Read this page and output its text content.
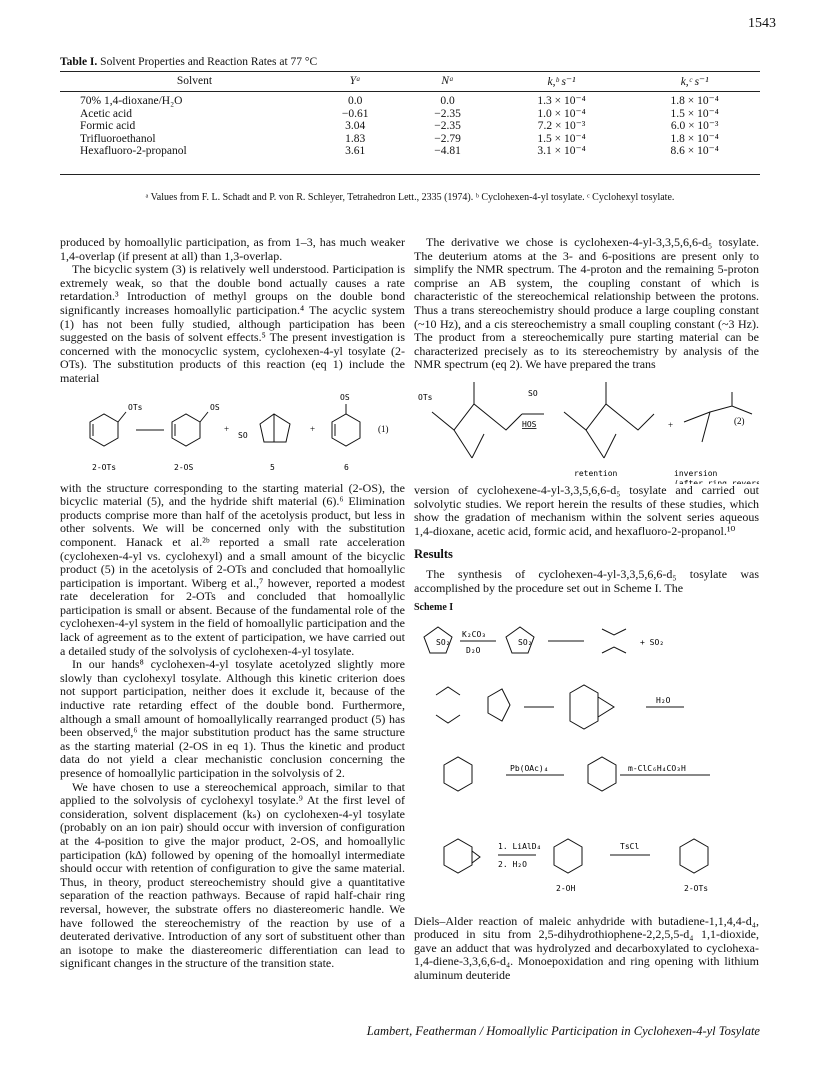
1543
Table I. Solvent Properties and Reaction Rates at 77 °C
Solvent	Yᵃ	Nᵃ	k,ᵇ s⁻¹	k,ᶜ s⁻¹
70% 1,4-dioxane/H₂O	0.0	0.0	1.3 × 10⁻⁴	1.8 × 10⁻⁴
Acetic acid	−0.61	−2.35	1.0 × 10⁻⁴	1.5 × 10⁻⁴
Formic acid	3.04	−2.35	7.2 × 10⁻³	6.0 × 10⁻³
Trifluoroethanol	1.83	−2.79	1.5 × 10⁻⁴	1.8 × 10⁻⁴
Hexafluoro-2-propanol	3.61	−4.81	3.1 × 10⁻⁴	8.6 × 10⁻⁴
ᵃ Values from F. L. Schadt and P. von R. Schleyer, Tetrahedron Lett., 2335 (1974). ᵇ Cyclohexen-4-yl tosylate. ᶜ Cyclohexyl tosylate.

produced by homoallylic participation, as from 1–3, has much weaker 1,4-overlap (if present at all) than 1,3-overlap.

The bicyclic system (3) is relatively well understood. Participation is extremely weak, so that the double bond actually causes a rate retardation.³ Introduction of methyl groups on the double bond significantly increases homoallylic participation.⁴ The acyclic system (1) has not been fully studied, although participation has been suggested on the basis of solvent effects.⁵ The present investigation is concerned with the monocyclic system, cyclohexen-4-yl tosylate (2-OTs). The substitution products of this reaction (eq 1) include the material

OTs	OS
SO
OS
+	+	(1)
2-OTs	2-OS	5	6

with the structure corresponding to the starting material (2-OS), the bicyclic material (5), and the hydride shift material (6).⁶ Elimination products comprise more than half of the acetolysis product, but less in other solvents. We will be concerned only with the substitution component. Hanack et al.²ᵇ reported a small rate acceleration (cyclohexen-4-yl vs. cyclohexyl) and a small amount of the bicyclic product (5) in the acetolysis of 2-OTs and concluded that homoallylic participation is important. Wiberg et al.,⁷ however, reported a modest rate deceleration for 2-OTs and concluded that homoallylic participation is small or absent. Because of the fundamental role of the cyclohexen-4-yl system in the field of homoallylic participation and the lack of agreement as to the extent of participation, we have carried out a detailed study of the solvolysis of cyclohexen-4-yl tosylate.

In our hands⁸ cyclohexen-4-yl tosylate acetolyzed slightly more slowly than cyclohexyl tosylate. Although this kinetic criterion does not support participation, neither does it exclude it, because of the inductive rate retarding effect of the double bond. Furthermore, although a small amount of homoallylically rearranged product (5) has been observed,⁶ the major substitution product has the same structure as the starting material (2-OS in eq 1). Thus the kinetic and product data do not yield a clear mechanistic conclusion concerning the presence of homoallylic participation in the solvolysis of 2.

We have chosen to use a stereochemical approach, similar to that applied to the solvolysis of cyclohexyl tosylate.⁹ At the first level of consideration, solvent displacement (kₛ) on cyclohexen-4-yl tosylate (probably on an ion pair) should occur with inversion of configuration at the 4-position to give the major product, 2-OS, and homoallylic participation (k∆) followed by opening of the homoallyl intermediate should occur with retention of configuration to give the same material. Thus, in theory, product stereochemistry should give a quantitative separation of the reaction pathways. Because of rapid half-chair ring reversal, however, the substrate offers no diastereomeric handle. We have followed the stereochemistry of the reaction by use of a deuterated derivative. Introduction of any sort of substituent other than an isotope to make the diastereomeric differentiation can lead to significant changes in the structure of the transition state.

The derivative we chose is cyclohexen-4-yl-3,3,5,6,6-d₅ tosylate. The deuterium atoms at the 3- and 6-positions are present only to simplify the NMR spectrum. The 4-proton and the remaining 5-proton comprise an AB system, the coupling constant of which is characteristic of the stereochemical relationship between the protons. Thus a trans stereochemistry should produce a large coupling constant (~10 Hz), and a cis stereochemistry a small coupling constant (~3 Hz). The product from a stereochemically pure starting material can be characterized precisely as to its stereochemistry by analysis of the NMR spectrum (eq 2). We have prepared the trans

OTs	SO
HOS	+	(2)
retention	inversion
(after ring revers

version of cyclohexene-4-yl-3,3,5,6,6-d₅ tosylate and carried out solvolytic studies. We report herein the results of these studies, which show the gradation of mechanism within the solvent series aqueous 1,4-dioxane, acetic acid, formic acid, and hexafluoro-2-propanol.¹⁰

Results

The synthesis of cyclohexen-4-yl-3,3,5,6,6-d₅ tosylate was accomplished by the procedure set out in Scheme I. The

Scheme I
SO₂	SO₂
K₂CO₃
D₂O
+ SO₂
H₂O
Pb(OAc)₄	m-ClC₆H₄CO₃H
1. LiAlD₄
2. H₂O
TsCl
2-OH	2-OTs

Diels–Alder reaction of maleic anhydride with butadiene-1,1,4,4-d₄, produced in situ from 2,5-dihydrothiophene-2,2,5,5-d₄ 1,1-dioxide, gave an adduct that was hydrolyzed and decarboxylated to cyclohexa-1,4-diene-3,3,6,6-d₄. Monoepoxidation and ring opening with lithium aluminum deuteride

Lambert, Featherman / Homoallylic Participation in Cyclohexen-4-yl Tosylate
